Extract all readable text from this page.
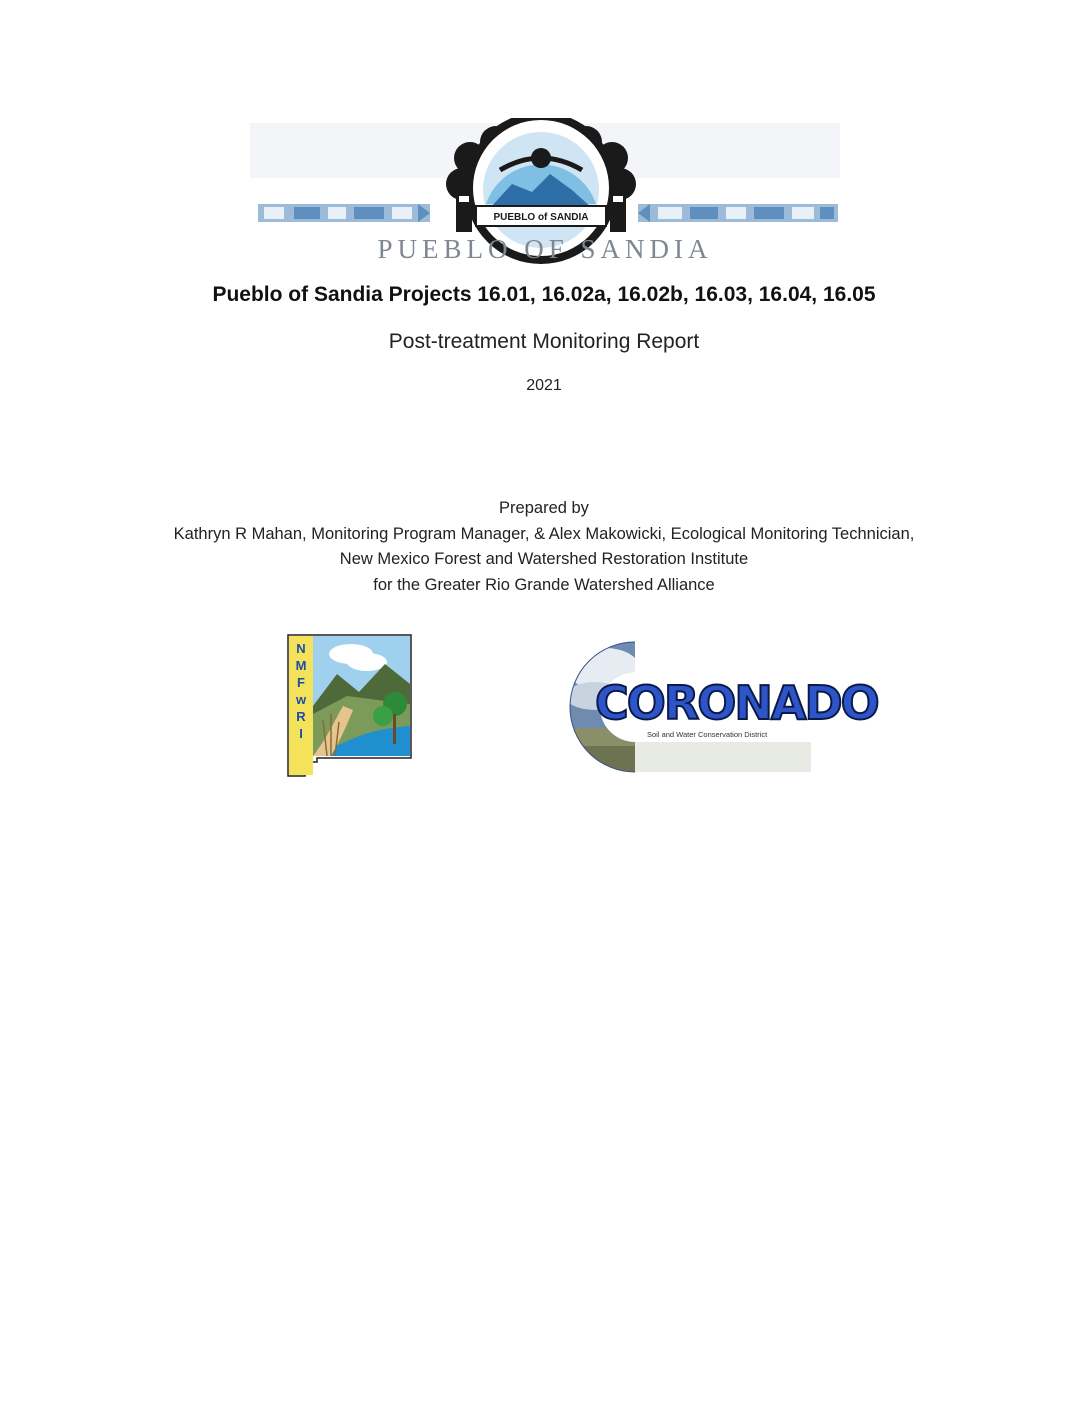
PUEBLO of SANDIA
PUEBLO OF SANDIA
Pueblo of Sandia Projects 16.01, 16.02a, 16.02b, 16.03, 16.04, 16.05
Post-treatment Monitoring Report
2021
Prepared by
Kathryn R Mahan, Monitoring Program Manager, & Alex Makowicki, Ecological Monitoring Technician,
New Mexico Forest and Watershed Restoration Institute
for the Greater Rio Grande Watershed Alliance
N
M
F
w
R
I
CORONADO
Soil and Water Conservation District
